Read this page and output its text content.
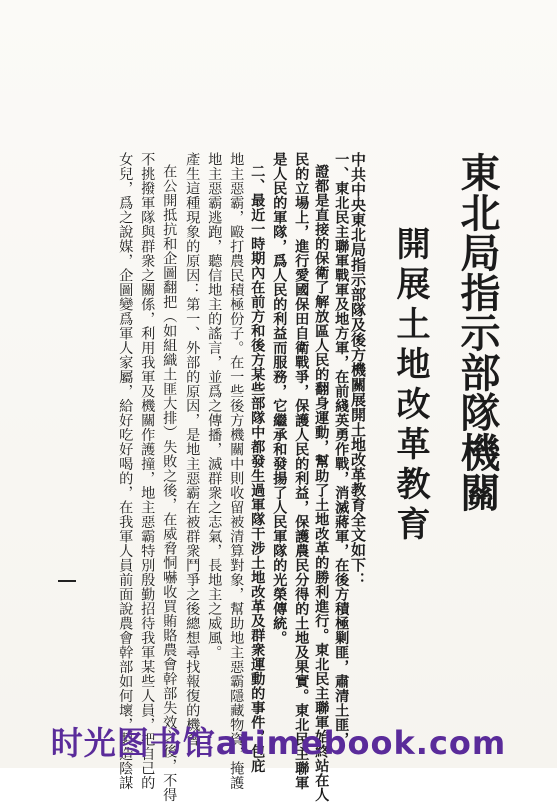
東北局指示部隊機關
開展土地改革教育
中共中央東北局指示部隊及後方機關展開土地改革教育全文如下：
一、東北民主聯軍戰軍及地方軍，在前綫英勇作戰，消滅蔣軍，在後方積極剿匪，肅清土匪，
證都是直接的保衛了解放區人民的翻身運動，幫助了土地改革的勝利進行。東北民主聯軍始終站在人
民的立場上，進行愛國保田自衛戰爭，保護人民的利益，保護農民分得的土地及果實。東北民主聯軍
是人民的軍隊，爲人民的利益而服務，它繼承和發揚了人民軍隊的光榮傳統。
二、最近一時期內在前方和後方某些部隊中都發生過軍隊干涉土地改革及群衆運動的事件，包庇
地主惡霸，毆打農民積極份子。在一些後方機關中則收留被清算對象，幫助地主惡霸隱藏物資，掩護
地主惡霸逃跑，聽信地主的謠言，並爲之傳播，滅群衆之志氣，長地主之威風。
產生這種現象的原因：第一、外部的原因，是地主惡霸在被群衆鬥爭之後總想尋找報復的機會
在公開抵抗和企圖翻把（如組織土匪大排）失敗之後，在威脅恫嚇收買賄賂農會幹部失效之後，不得
不挑撥軍隊與群衆之關係，利用我軍及機關作護撞，地主惡霸特別殷勤招待我軍某些人員，把自己的
女兒，爲之說媒，企圖變爲軍人家屬，給好吃好喝的，在我軍人員前面說農會幹部如何壞，製造陰謀
时光图书馆atimebook.com
